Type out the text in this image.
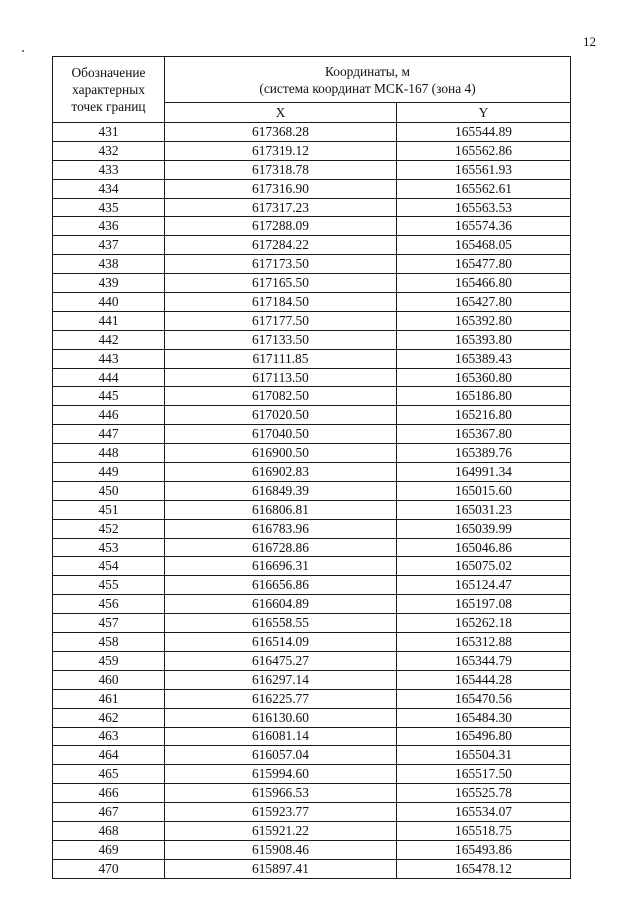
12
Обозначение
характерных
точек границ	Координаты, м
(система координат МСК-167 (зона 4)	

	X	Y
431	617368.28	165544.89
432	617319.12	165562.86
433	617318.78	165561.93
434	617316.90	165562.61
435	617317.23	165563.53
436	617288.09	165574.36
437	617284.22	165468.05
438	617173.50	165477.80
439	617165.50	165466.80
440	617184.50	165427.80
441	617177.50	165392.80
442	617133.50	165393.80
443	617111.85	165389.43
444	617113.50	165360.80
445	617082.50	165186.80
446	617020.50	165216.80
447	617040.50	165367.80
448	616900.50	165389.76
449	616902.83	164991.34
450	616849.39	165015.60
451	616806.81	165031.23
452	616783.96	165039.99
453	616728.86	165046.86
454	616696.31	165075.02
455	616656.86	165124.47
456	616604.89	165197.08
457	616558.55	165262.18
458	616514.09	165312.88
459	616475.27	165344.79
460	616297.14	165444.28
461	616225.77	165470.56
462	616130.60	165484.30
463	616081.14	165496.80
464	616057.04	165504.31
465	615994.60	165517.50
466	615966.53	165525.78
467	615923.77	165534.07
468	615921.22	165518.75
469	615908.46	165493.86
470	615897.41	165478.12
